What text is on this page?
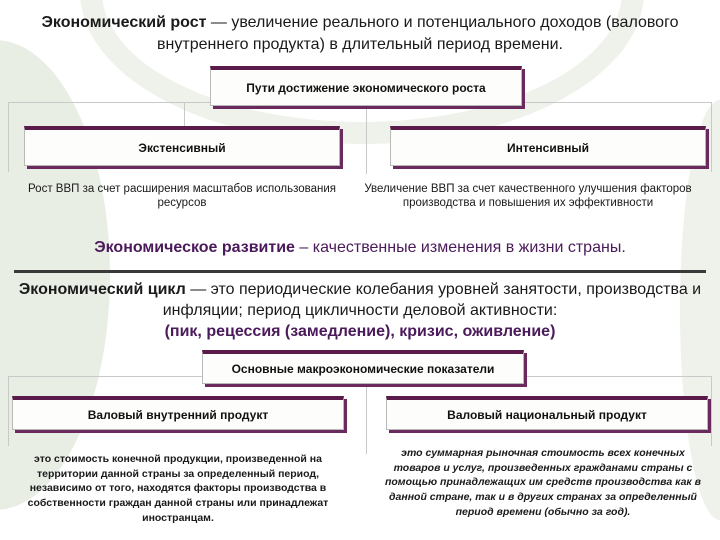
Экономический рост — увеличение реального и потенциального доходов (валового внутреннего продукта) в длительный период времени.
Пути достижение экономического роста
Экстенсивный	Интенсивный
Рост ВВП за счет расширения масштабов использования ресурсов
Увеличение ВВП за счет качественного улучшения факторов производства и повышения их эффективности
Экономическое развитие – качественные изменения в жизни страны.
Экономический цикл — это периодические колебания уровней занятости, производства и инфляции; период цикличности деловой активности:
(пик, рецессия (замедление), кризис, оживление)
Основные макроэкономические показатели
Валовый внутренний продукт	Валовый национальный продукт
это стоимость конечной продукции, произведенной на территории данной страны за определенный период, независимо от того, находятся факторы производства в собственности граждан данной страны или принадлежат иностранцам.
это суммарная рыночная стоимость всех конечных товаров и услуг, произведенных гражданами страны с помощью принадлежащих им средств производства как в данной стране, так и в других странах за определенный период времени (обычно за год).
